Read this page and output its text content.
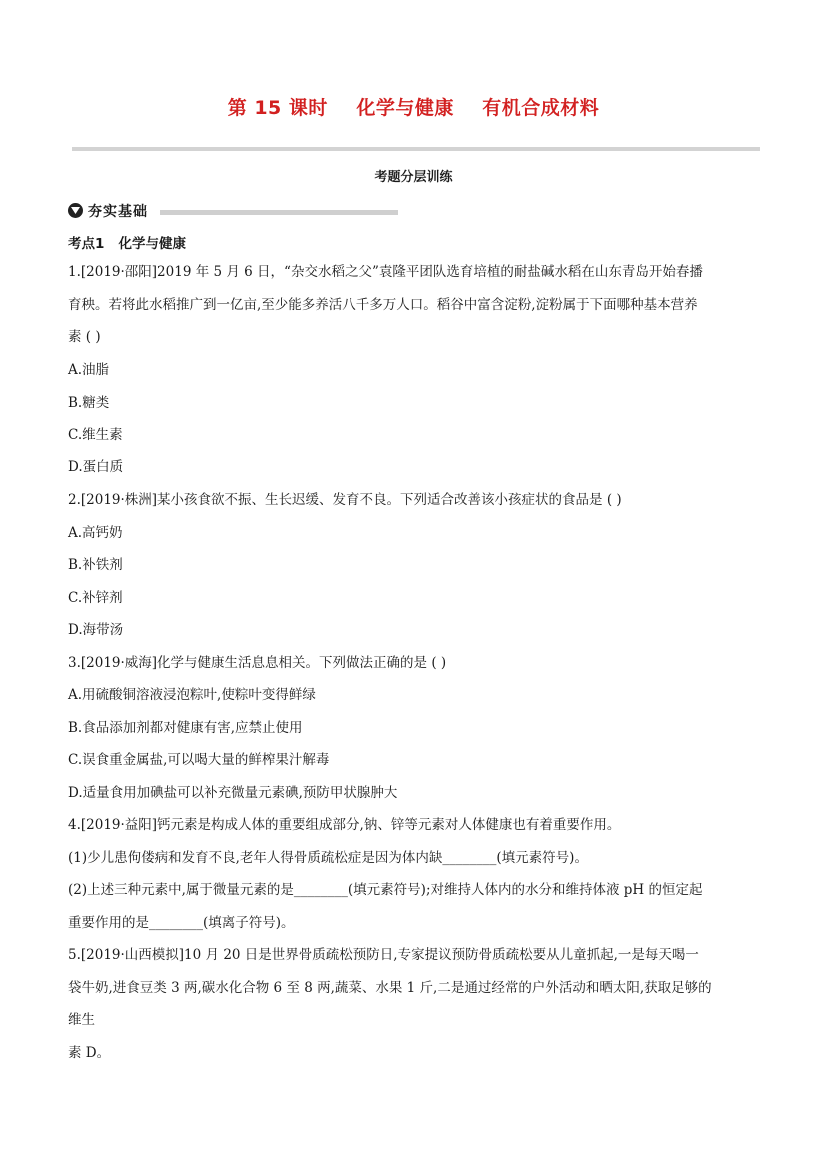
第 15 课时    化学与健康    有机合成材料
考题分层训练
夯实基础
考点1   化学与健康
1.[2019·邵阳]2019 年 5 月 6 日，“杂交水稻之父”袁隆平团队选育培植的耐盐碱水稻在山东青岛开始春播
育秧。若将此水稻推广到一亿亩,至少能多养活八千多万人口。稻谷中富含淀粉,淀粉属于下面哪种基本营养
素 ( )
A.油脂
B.糖类
C.维生素
D.蛋白质
2.[2019·株洲]某小孩食欲不振、生长迟缓、发育不良。下列适合改善该小孩症状的食品是 ( )
A.高钙奶
B.补铁剂
C.补锌剂
D.海带汤
3.[2019·威海]化学与健康生活息息相关。下列做法正确的是 ( )
A.用硫酸铜溶液浸泡粽叶,使粽叶变得鲜绿
B.食品添加剂都对健康有害,应禁止使用
C.误食重金属盐,可以喝大量的鲜榨果汁解毒
D.适量食用加碘盐可以补充微量元素碘,预防甲状腺肿大
4.[2019·益阳]钙元素是构成人体的重要组成部分,钠、锌等元素对人体健康也有着重要作用。
(1)少儿患佝偻病和发育不良,老年人得骨质疏松症是因为体内缺________(填元素符号)。
(2)上述三种元素中,属于微量元素的是________(填元素符号);对维持人体内的水分和维持体液 pH 的恒定起
重要作用的是________(填离子符号)。
5.[2019·山西模拟]10 月 20 日是世界骨质疏松预防日,专家提议预防骨质疏松要从儿童抓起,一是每天喝一
袋牛奶,进食豆类 3 两,碳水化合物 6 至 8 两,蔬菜、水果 1 斤,二是通过经常的户外活动和晒太阳,获取足够的
维生
素 D。
